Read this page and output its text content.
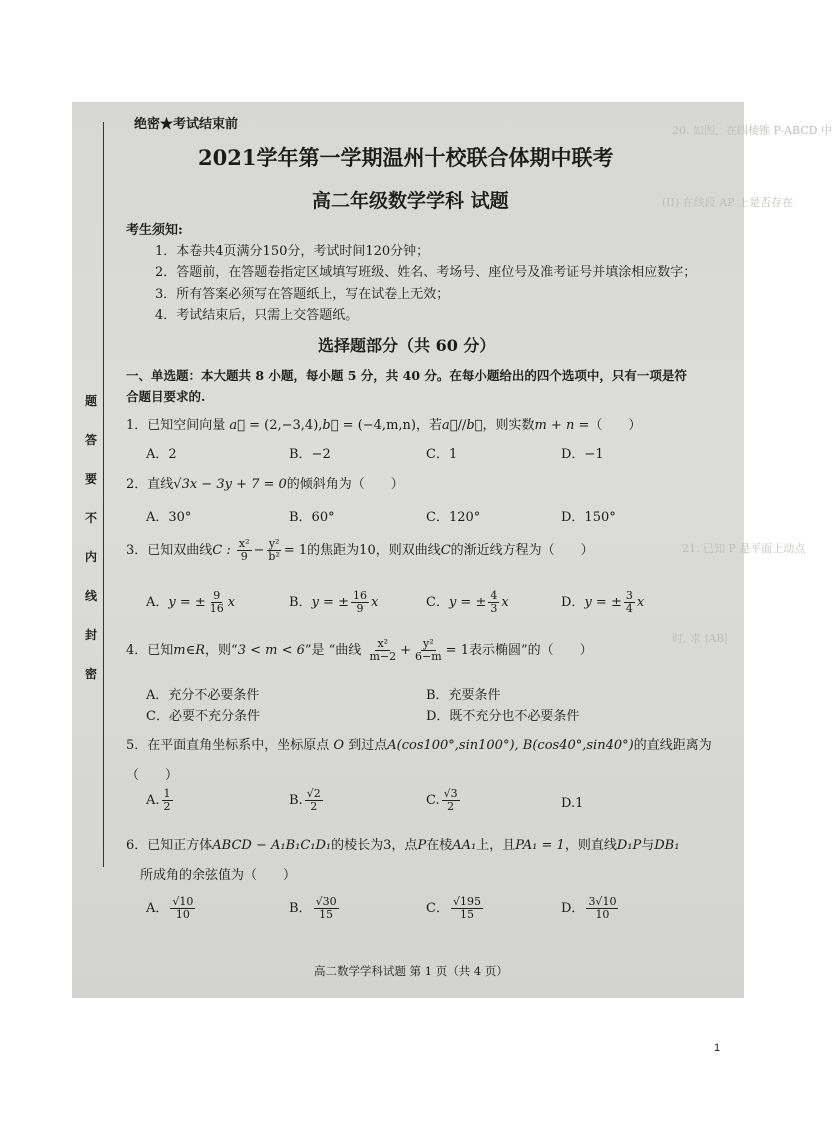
20. 如图，在四棱锥 P-ABCD 中
(II) 在线段 AP 上是否存在
21. 已知 P 是平面上动点
时, 求 |AB|
题
答
要
不
内
线
封
密
绝密★考试结束前
2021学年第一学期温州十校联合体期中联考
高二年级数学学科 试题
考生须知:
1．本卷共4页满分150分，考试时间120分钟；
2．答题前，在答题卷指定区域填写班级、姓名、考场号、座位号及准考证号并填涂相应数字；
3．所有答案必须写在答题纸上，写在试卷上无效；
4．考试结束后，只需上交答题纸。
选择题部分（共 60 分）
一、单选题：本大题共 8 小题，每小题 5 分，共 40 分。在每小题给出的四个选项中，只有一项是符
合题目要求的.
1．已知空间向量 a⃗ = (2,−3,4),b⃗ = (−4,m,n)，若a⃗//b⃗，则实数m + n =（　　）
A．2	B．−2	C．1	D．−1
2．直线√3x − 3y + 7 = 0的倾斜角为（　　）
A．30°	B．60°	C．120°	D．150°
3．已知双曲线C : $\frac{\text{x²}}{9} - \frac{\text{y²}}{\text{b²}} = 1$的焦距为10，则双曲线C的渐近线方程为（　　）
A．y = ± $\frac{9}{16}$ x	B．y = ± $\frac{16}{9}$ x	C．y = ± $\frac{4}{3}$ x	D．y = ± $\frac{3}{4}$ x
4．已知m∈R，则“3 < m < 6”是 “曲线 $\frac{\text{x²}}{m-2} + \frac{\text{y²}}{6-m} = 1$表示椭圆”的（　　）
A．充分不必要条件	B．充要条件
C．必要不充分条件	D．既不充分也不必要条件
5．在平面直角坐标系中，坐标原点 O 到过点A(cos100°,sin100°), B(cos40°,sin40°)的直线距离为
（　　）
A. $\frac{1}{2}$	B. $\frac{√2}{2}$	C. $\frac{√3}{2}$	D.1
6．已知正方体ABCD − A₁B₁C₁D₁的棱长为3，点P在棱AA₁上，且PA₁ = 1，则直线D₁P与DB₁
所成角的余弦值为（　　）
A． $\frac{√10}{10}$	B． $\frac{√30}{15}$	C． $\frac{√195}{15}$	D． $\frac{3√10}{10}$
高二数学学科试题 第 1 页（共 4 页）
1
